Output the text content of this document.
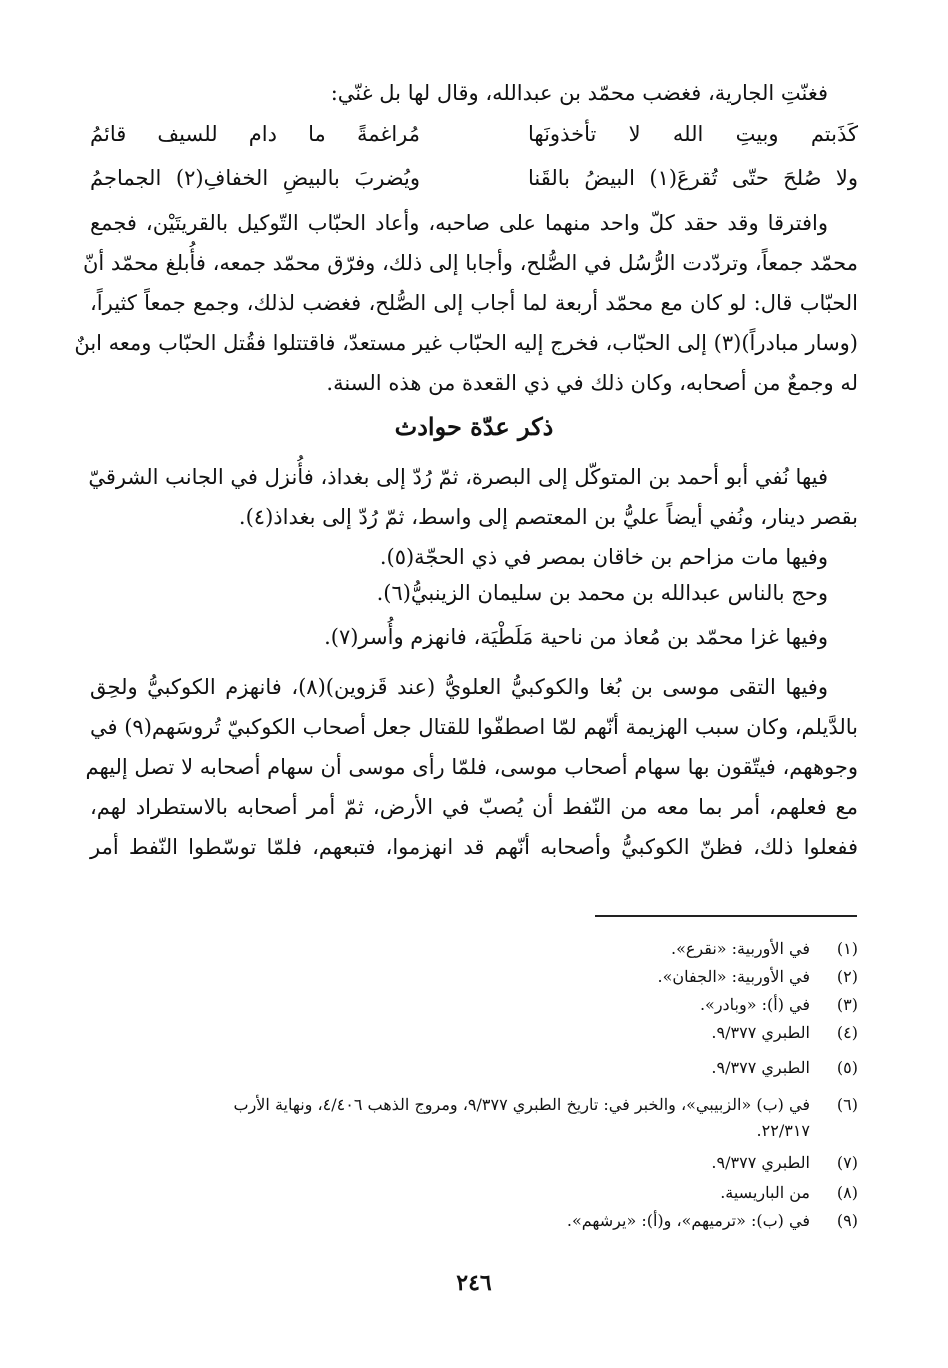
فغنّتِ الجارية، فغضب محمّد بن عبدالله، وقال لها بل غنّي:
كَذَبتم وبيتِ الله لا تأخذونَها
مُراغمةً ما دام للسيف قائمُ
ولا صُلحَ حتّى تُقرعَ(١) البيضُ بالقَنا
ويُضربَ بالبيضِ الخفافِ(٢) الجماجمُ
وافترقا وقد حقد كلّ واحد منهما على صاحبه، وأعاد الحبّاب التّوكيل بالقريتَيْن، فجمع
محمّد جمعاً، وتردّدت الرُّسُل في الصُّلح، وأجابا إلى ذلك، وفرّق محمّد جمعه، فأُبلغ محمّد أنّ
الحبّاب قال: لو كان مع محمّد أربعة لما أجاب إلى الصُّلح، فغضب لذلك، وجمع جمعاً كثيراً،
(وسار مبادراً)(٣) إلى الحبّاب، فخرج إليه الحبّاب غير مستعدّ، فاقتتلوا فقُتل الحبّاب ومعه ابنٌ
له وجمعٌ من أصحابه، وكان ذلك في ذي القعدة من هذه السنة.
ذكر عدّة حوادث
فيها نُفي أبو أحمد بن المتوكّل إلى البصرة، ثمّ رُدّ إلى بغداذ، فأُنزل في الجانب الشرقيّ
بقصر دينار، ونُفي أيضاً عليُّ بن المعتصم إلى واسط، ثمّ رُدّ إلى بغداذ(٤).
وفيها مات مزاحم بن خاقان بمصر في ذي الحجّة(٥).
وحج بالناس عبدالله بن محمد بن سليمان الزينبيُّ(٦).
وفيها غزا محمّد بن مُعاذ من ناحية مَلَطْيَة، فانهزم وأُسر(٧).
وفيها التقى موسى بن بُغا والكوكبيُّ العلويُّ (عند قَزوين)(٨)، فانهزم الكوكبيُّ ولحِق
بالدَّيلم، وكان سبب الهزيمة أنّهم لمّا اصطفّوا للقتال جعل أصحاب الكوكبيّ تُروسَهم(٩) في
وجوههم، فيتّقون بها سهام أصحاب موسى، فلمّا رأى موسى أن سهام أصحابه لا تصل إليهم
مع فعلهم، أمر بما معه من النّفط أن يُصبّ في الأرض، ثمّ أمر أصحابه بالاستطراد لهم،
ففعلوا ذلك، فظنّ الكوكبيُّ وأصحابه أنّهم قد انهزموا، فتبعهم، فلمّا توسّطوا النّفط أمر
(١)في الأوربية: «نقرع».
(٢)في الأوربية: «الجفان».
(٣)في (أ): «وبادر».
(٤)الطبري ٩/٣٧٧.
(٥)الطبري ٩/٣٧٧.
(٦)في (ب) «الزبيبي»، والخبر في: تاريخ الطبري ٩/٣٧٧، ومروج الذهب ٤/٤٠٦، ونهاية الأرب
٢٢/٣١٧.
(٧)الطبري ٩/٣٧٧.
(٨)من الباريسية.
(٩)في (ب): «ترميهم»، و(أ): «يرشهم».
٢٤٦
